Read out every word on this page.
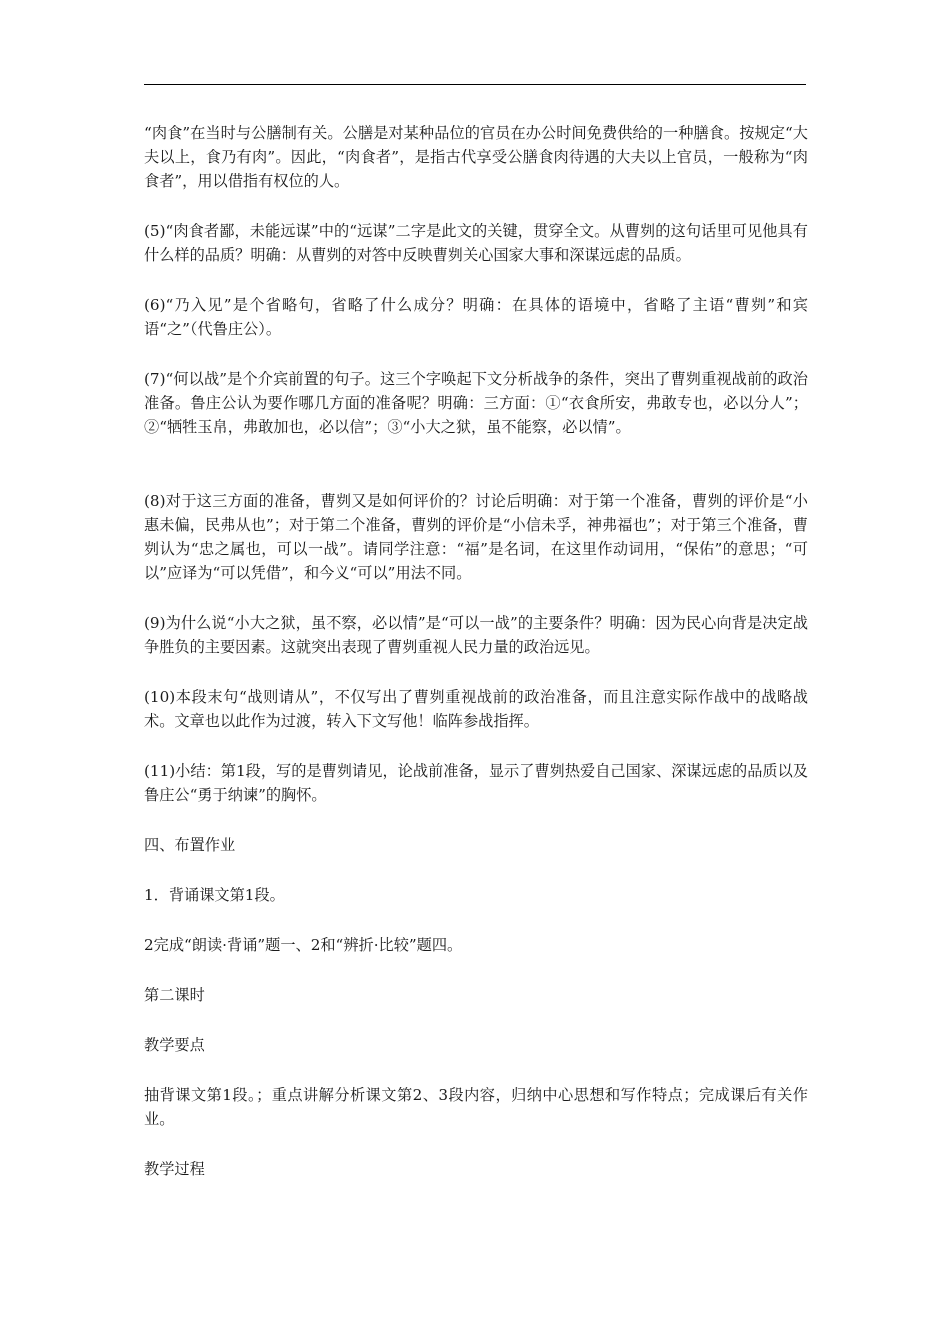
“肉食”在当时与公膳制有关。公膳是对某种品位的官员在办公时间免费供给的一种膳食。按规定“大夫以上，食乃有肉”。因此，“肉食者”，是指古代享受公膳食肉待遇的大夫以上官员，一般称为“肉食者”，用以借指有权位的人。

(5)“肉食者鄙，未能远谋”中的“远谋”二字是此文的关键，贯穿全文。从曹刿的这句话里可见他具有什么样的品质？明确：从曹刿的对答中反映曹刿关心国家大事和深谋远虑的品质。

(6)“乃入见”是个省略句，省略了什么成分？明确：在具体的语境中，省略了主语“曹刿”和宾语“之”（代鲁庄公）。

(7)“何以战”是个介宾前置的句子。这三个字唤起下文分析战争的条件，突出了曹刿重视战前的政治准备。鲁庄公认为要作哪几方面的准备呢？明确：三方面：①“衣食所安，弗敢专也，必以分人”；②“牺牲玉帛，弗敢加也，必以信”；③“小大之狱，虽不能察，必以情”。

(8)对于这三方面的准备，曹刿又是如何评价的？讨论后明确：对于第一个准备，曹刿的评价是“小惠未偏，民弗从也”；对于第二个准备，曹刿的评价是“小信未孚，神弗福也”；对于第三个准备，曹刿认为“忠之属也，可以一战”。请同学注意：“福”是名词，在这里作动词用，“保佑”的意思；“可以”应译为“可以凭借”，和今义“可以”用法不同。

(9)为什么说“小大之狱，虽不察，必以情”是“可以一战”的主要条件？明确：因为民心向背是决定战争胜负的主要因素。这就突出表现了曹刿重视人民力量的政治远见。

(10)本段末句“战则请从”，不仅写出了曹刿重视战前的政治准备，而且注意实际作战中的战略战术。文章也以此作为过渡，转入下文写他！临阵参战指挥。

(11)小结：第1段，写的是曹刿请见，论战前准备，显示了曹刿热爱自己国家、深谋远虑的品质以及鲁庄公“勇于纳谏”的胸怀。

四、布置作业

1．背诵课文第1段。

2完成“朗读·背诵”题一、2和“辨折·比较”题四。

第二课时

教学要点

抽背课文第1段。；重点讲解分析课文第2、3段内容，归纳中心思想和写作特点；完成课后有关作业。

教学过程
